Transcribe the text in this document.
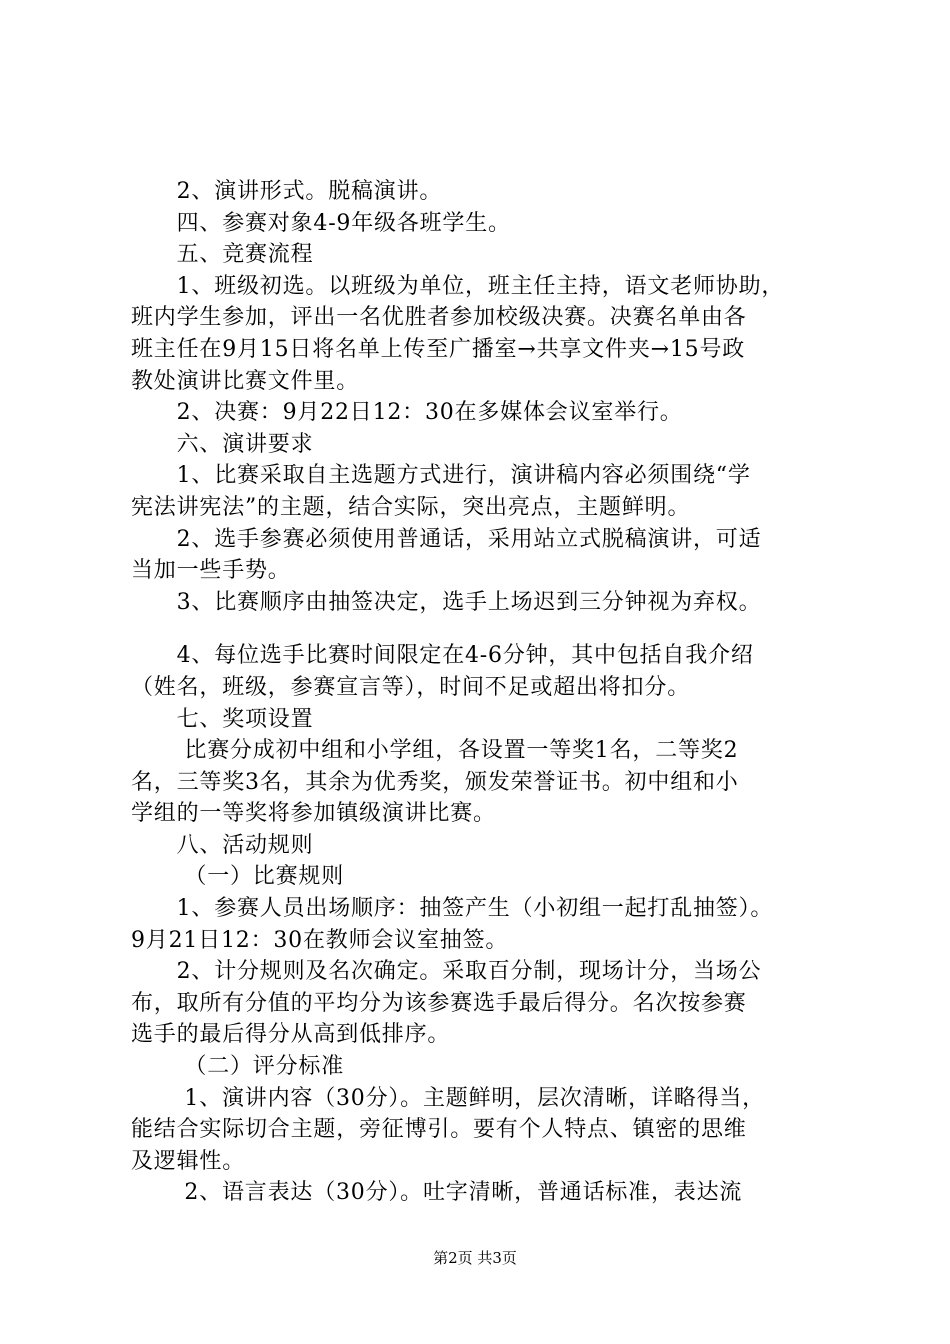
　　2、演讲形式。脱稿演讲。
　　四、参赛对象4-9年级各班学生。
　　五、竞赛流程
　　1、班级初选。以班级为单位，班主任主持，语文老师协助，
班内学生参加，评出一名优胜者参加校级决赛。决赛名单由各
班主任在9月15日将名单上传至广播室→共享文件夹→15号政
教处演讲比赛文件里。
　　2、决赛：9月22日12：30在多媒体会议室举行。
　　六、演讲要求
　　1、比赛采取自主选题方式进行，演讲稿内容必须围绕“学
宪法讲宪法”的主题，结合实际，突出亮点，主题鲜明。
　　2、选手参赛必须使用普通话，采用站立式脱稿演讲，可适
当加一些手势。
　　3、比赛顺序由抽签决定，选手上场迟到三分钟视为弃权。
　　4、每位选手比赛时间限定在4-6分钟，其中包括自我介绍
（姓名，班级，参赛宣言等），时间不足或超出将扣分。
　　七、奖项设置
　　 比赛分成初中组和小学组，各设置一等奖1名，二等奖2
名，三等奖3名，其余为优秀奖，颁发荣誉证书。初中组和小
学组的一等奖将参加镇级演讲比赛。
　　八、活动规则
　　 （一）比赛规则
　　1、参赛人员出场顺序：抽签产生（小初组一起打乱抽签）。
9月21日12：30在教师会议室抽签。
　　2、计分规则及名次确定。采取百分制，现场计分，当场公
布，取所有分值的平均分为该参赛选手最后得分。名次按参赛
选手的最后得分从高到低排序。
　　 （二）评分标准
　　 1、演讲内容（30分）。主题鲜明，层次清晰，详略得当，
能结合实际切合主题，旁征博引。要有个人特点、镇密的思维
及逻辑性。
　　 2、语言表达（30分）。吐字清晰，普通话标准，表达流
第2页 共3页
